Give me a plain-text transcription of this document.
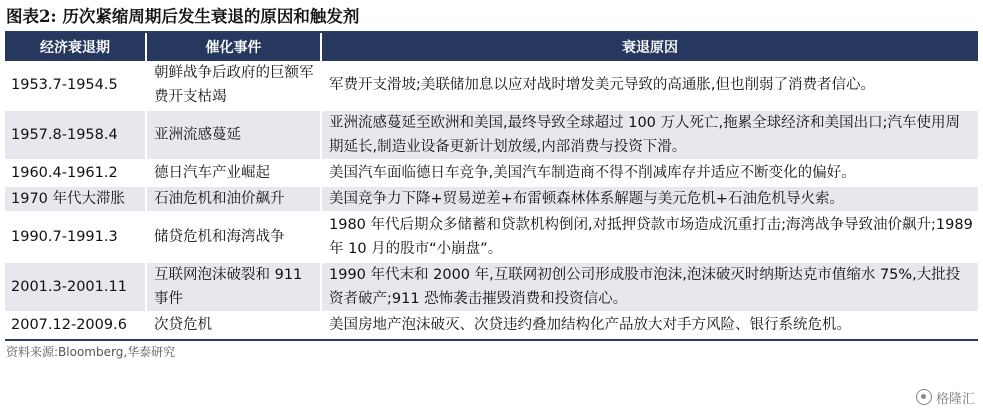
图表2: 历次紧缩周期后发生衰退的原因和触发剂
经济衰退期	催化事件	衰退原因
1953.7-1954.5	朝鲜战争后政府的巨额军费开支枯竭	军费开支滑坡;美联储加息以应对战时增发美元导致的高通胀,但也削弱了消费者信心。
1957.8-1958.4	亚洲流感蔓延	亚洲流感蔓延至欧洲和美国,最终导致全球超过 100 万人死亡,拖累全球经济和美国出口;汽车使用周期延长,制造业设备更新计划放缓,内部消费与投资下滑。
1960.4-1961.2	德日汽车产业崛起	美国汽车面临德日车竞争,美国汽车制造商不得不削减库存并适应不断变化的偏好。
1970 年代大滞胀	石油危机和油价飙升	美国竞争力下降+贸易逆差+布雷顿森林体系解题与美元危机+石油危机导火索。
1990.7-1991.3	储贷危机和海湾战争	1980 年代后期众多储蓄和贷款机构倒闭,对抵押贷款市场造成沉重打击;海湾战争导致油价飙升;1989 年 10 月的股市“小崩盘”。
2001.3-2001.11	互联网泡沫破裂和 911 事件	1990 年代末和 2000 年,互联网初创公司形成股市泡沫,泡沫破灭时纳斯达克市值缩水 75%,大批投资者破产;911 恐怖袭击摧毁消费和投资信心。
2007.12-2009.6	次贷危机	美国房地产泡沫破灭、次贷违约叠加结构化产品放大对手方风险、银行系统危机。
资料来源:Bloomberg,华泰研究
格隆汇
